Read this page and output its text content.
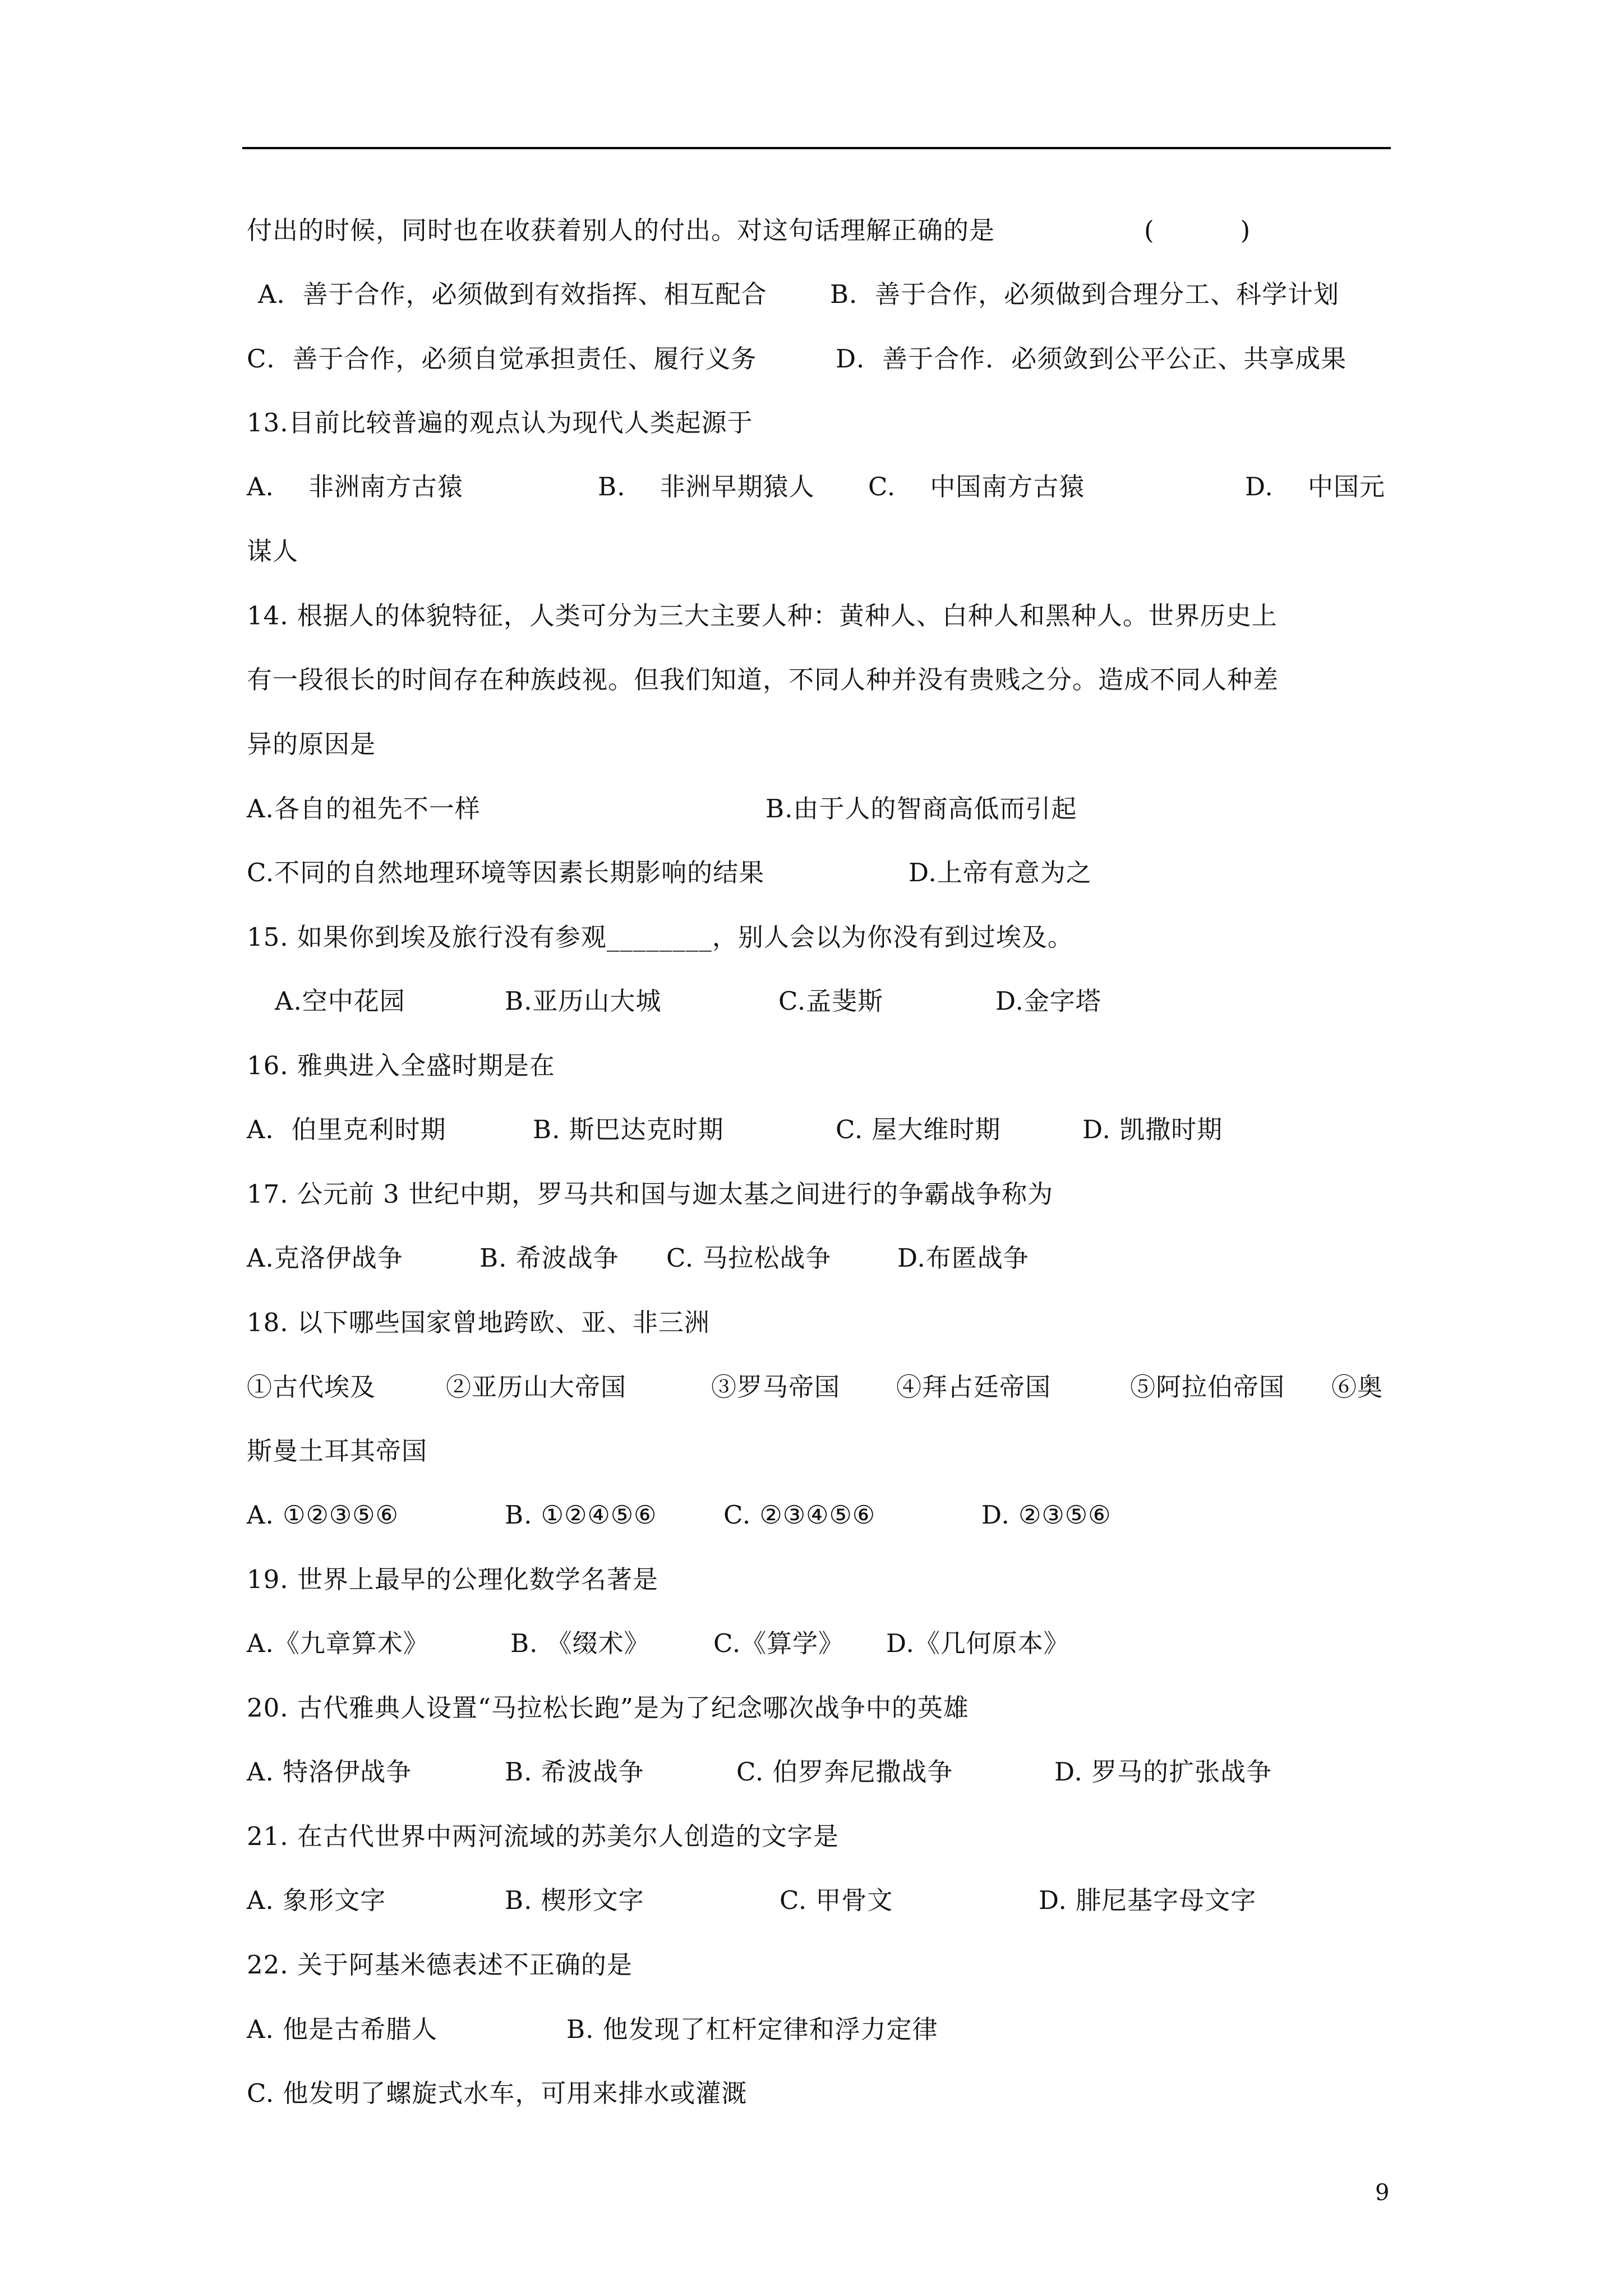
付出的时候，同时也在收获着别人的付出。对这句话理解正确的是

	(          )

A．善于合作，必须做到有效指挥、相互配合

	B．善于合作，必须做到合理分工、科学计划

C．善于合作，必须自觉承担责任、履行义务

	D．善于合作．必须敛到公平公正、共享成果

13.目前比较普遍的观点认为现代人类起源于

A.    非洲南方古猿

	B.    非洲早期猿人

C.    中国南方古猿

	D.    中国元

谋人
14. 根据人的体貌特征，人类可分为三大主要人种：黄种人、白种人和黑种人。世界历史上
有一段很长的时间存在种族歧视。但我们知道，不同人种并没有贵贱之分。造成不同人种差
异的原因是

A.各自的祖先不一样

	B.由于人的智商高低而引起

C.不同的自然地理环境等因素长期影响的结果

	D.上帝有意为之

15. 如果你到埃及旅行没有参观________，别人会以为你没有到过埃及。

A.空中花园

	B.亚历山大城

	C.孟斐斯

	D.金字塔

16. 雅典进入全盛时期是在

A．伯里克利时期

	B. 斯巴达克时期

	C. 屋大维时期

	D. 凯撒时期

17. 公元前 3 世纪中期，罗马共和国与迦太基之间进行的争霸战争称为

A.克洛伊战争

	B. 希波战争

C. 马拉松战争

	D.布匿战争

18. 以下哪些国家曾地跨欧、亚、非三洲

①古代埃及

	②亚历山大帝国

	③罗马帝国

④拜占廷帝国

	⑤阿拉伯帝国

⑥奥

斯曼土耳其帝国

A. ①②③⑤⑥

	B. ①②④⑤⑥

	C. ②③④⑤⑥

	D. ②③⑤⑥

19. 世界上最早的公理化数学名著是

A.《九章算术》

	B. 《缀术》

	C.《算学》

D.《几何原本》

20. 古代雅典人设置“马拉松长跑”是为了纪念哪次战争中的英雄

A. 特洛伊战争

	B. 希波战争

	C. 伯罗奔尼撒战争

	D. 罗马的扩张战争

21. 在古代世界中两河流域的苏美尔人创造的文字是

A. 象形文字

	B. 楔形文字

	C. 甲骨文

	D. 腓尼基字母文字

22. 关于阿基米德表述不正确的是

A. 他是古希腊人

	B. 他发现了杠杆定律和浮力定律

C. 他发明了螺旋式水车，可用来排水或灌溉
9
